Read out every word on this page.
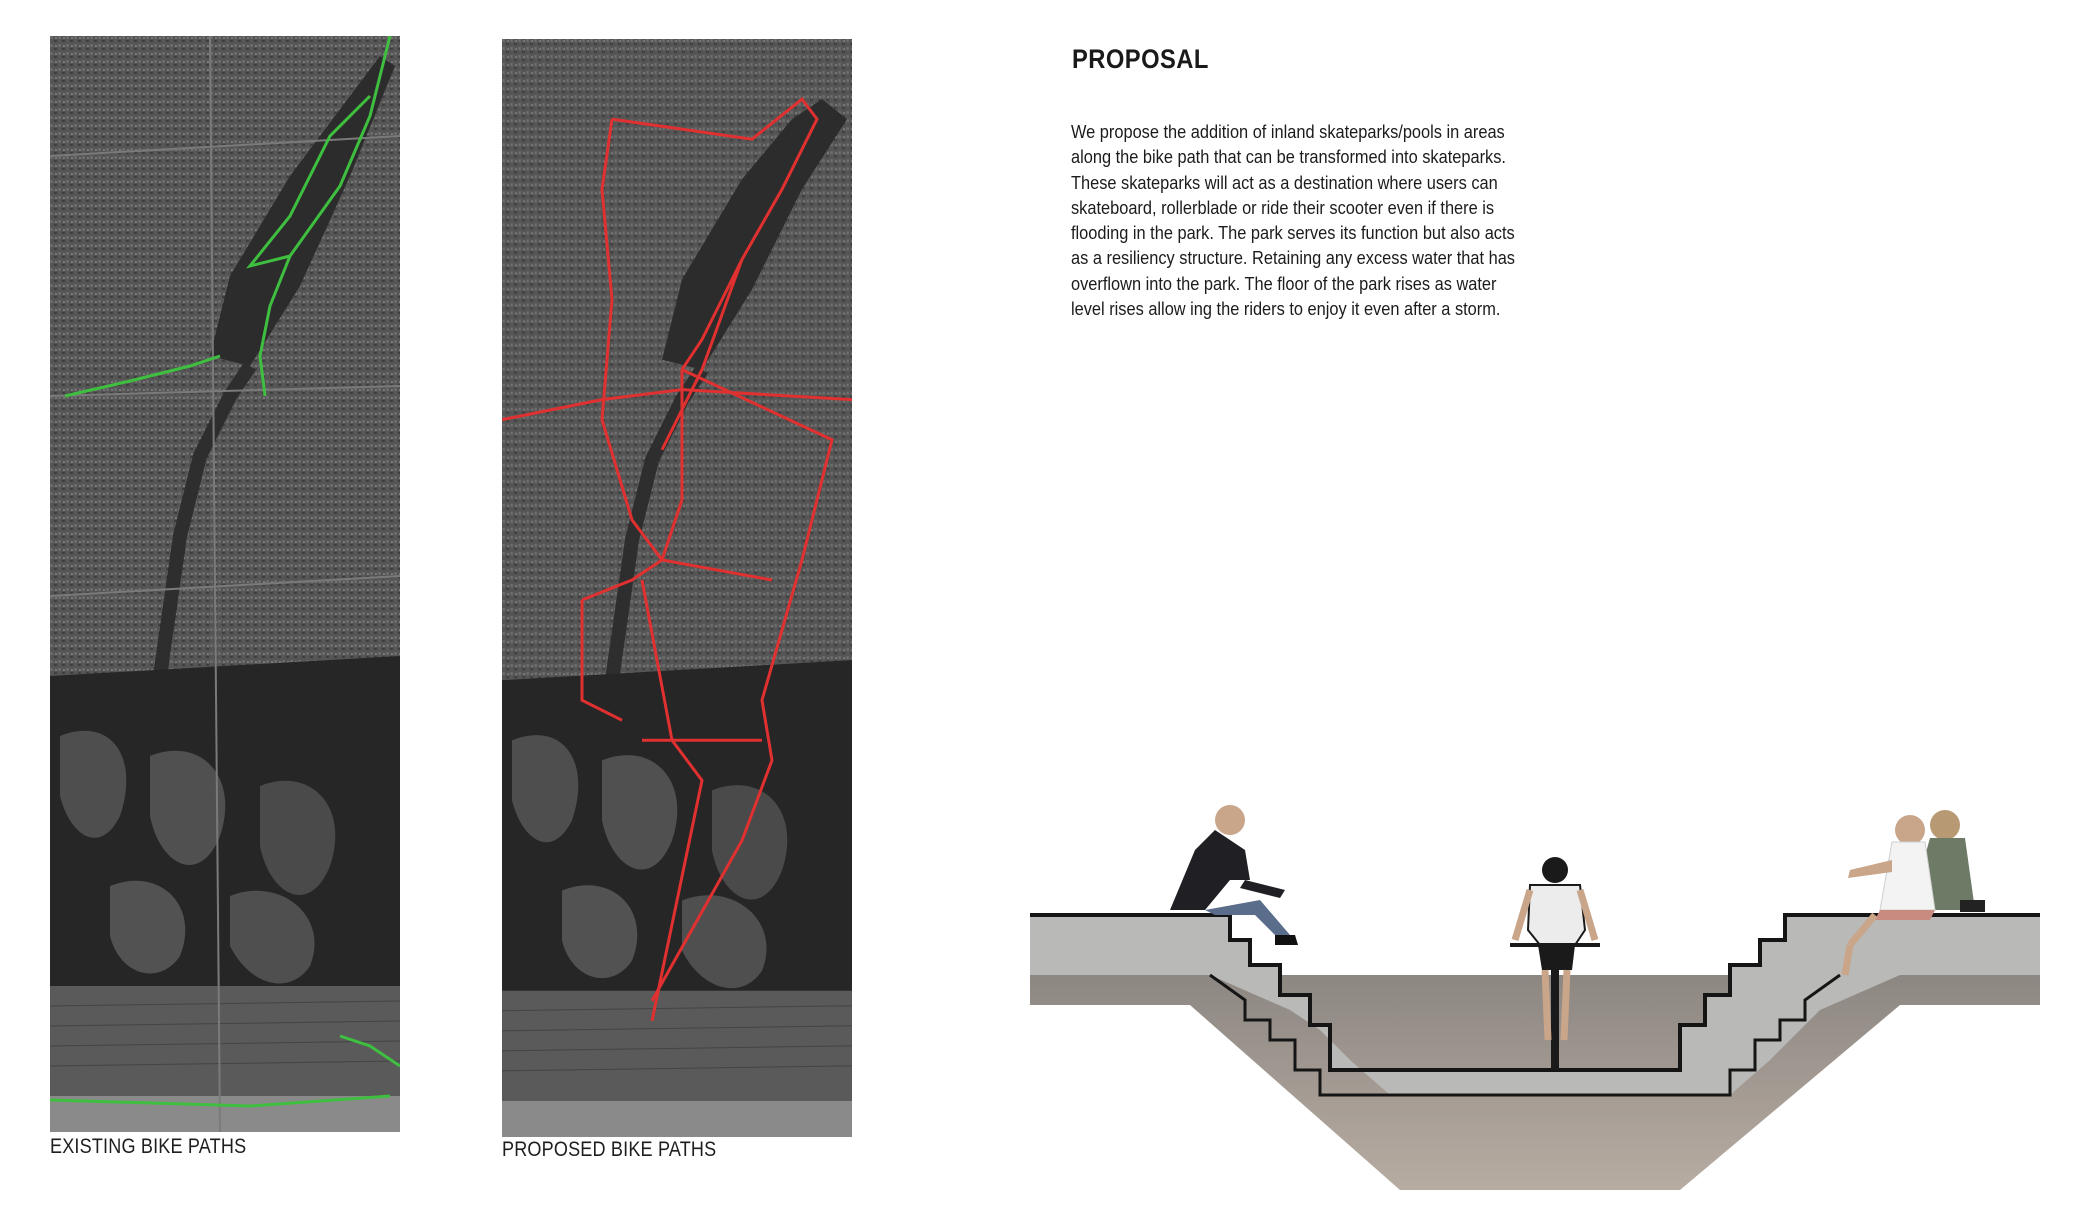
EXISTING BIKE PATHS	PROPOSED BIKE PATHS
PROPOSAL
We propose the addition of inland skateparks/pools in areas along the bike path that can be transformed into skateparks. These skateparks will act as a destination where users can skateboard, rollerblade or ride their scooter even if there is flooding in the park. The park serves its function but also acts as a resiliency structure. Retaining any excess water that has overflown into the park. The floor of the park rises as water level rises allow ing the riders to enjoy it even after a storm.
